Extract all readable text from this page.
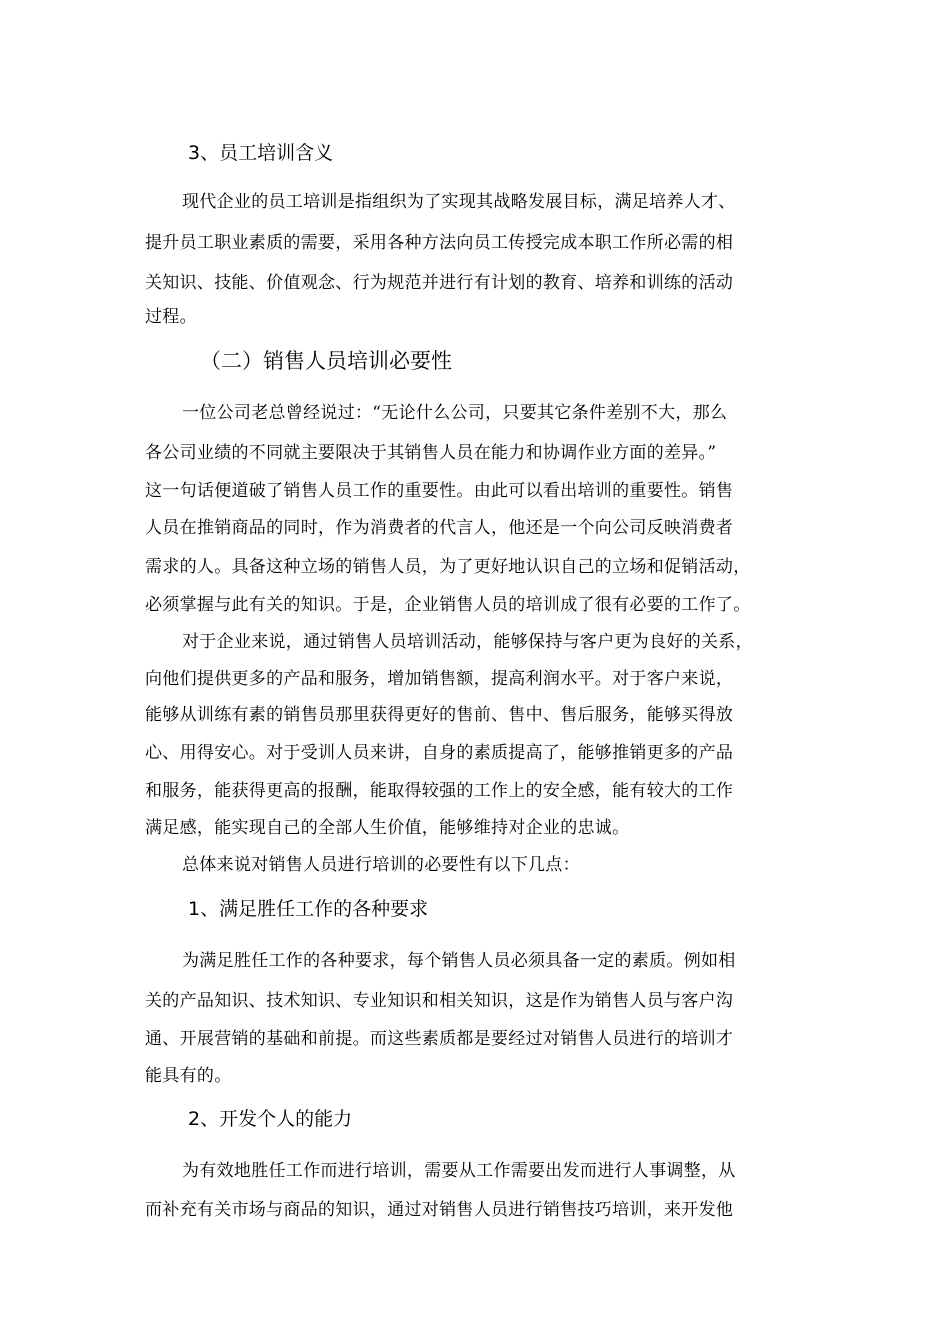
3、员工培训含义
现代企业的员工培训是指组织为了实现其战略发展目标，满足培养人才、
提升员工职业素质的需要，采用各种方法向员工传授完成本职工作所必需的相
关知识、技能、价值观念、行为规范并进行有计划的教育、培养和训练的活动
过程。
（二）销售人员培训必要性
一位公司老总曾经说过：“无论什么公司，只要其它条件差别不大，那么
各公司业绩的不同就主要限决于其销售人员在能力和协调作业方面的差异。”
这一句话便道破了销售人员工作的重要性。由此可以看出培训的重要性。销售
人员在推销商品的同时，作为消费者的代言人，他还是一个向公司反映消费者
需求的人。具备这种立场的销售人员，为了更好地认识自己的立场和促销活动，
必须掌握与此有关的知识。于是，企业销售人员的培训成了很有必要的工作了。
对于企业来说，通过销售人员培训活动，能够保持与客户更为良好的关系，
向他们提供更多的产品和服务，增加销售额，提高利润水平。对于客户来说，
能够从训练有素的销售员那里获得更好的售前、售中、售后服务，能够买得放
心、用得安心。对于受训人员来讲，自身的素质提高了，能够推销更多的产品
和服务，能获得更高的报酬，能取得较强的工作上的安全感，能有较大的工作
满足感，能实现自己的全部人生价值，能够维持对企业的忠诚。
总体来说对销售人员进行培训的必要性有以下几点：
1、满足胜任工作的各种要求
为满足胜任工作的各种要求，每个销售人员必须具备一定的素质。例如相
关的产品知识、技术知识、专业知识和相关知识，这是作为销售人员与客户沟
通、开展营销的基础和前提。而这些素质都是要经过对销售人员进行的培训才
能具有的。
2、开发个人的能力
为有效地胜任工作而进行培训，需要从工作需要出发而进行人事调整，从
而补充有关市场与商品的知识，通过对销售人员进行销售技巧培训，来开发他
